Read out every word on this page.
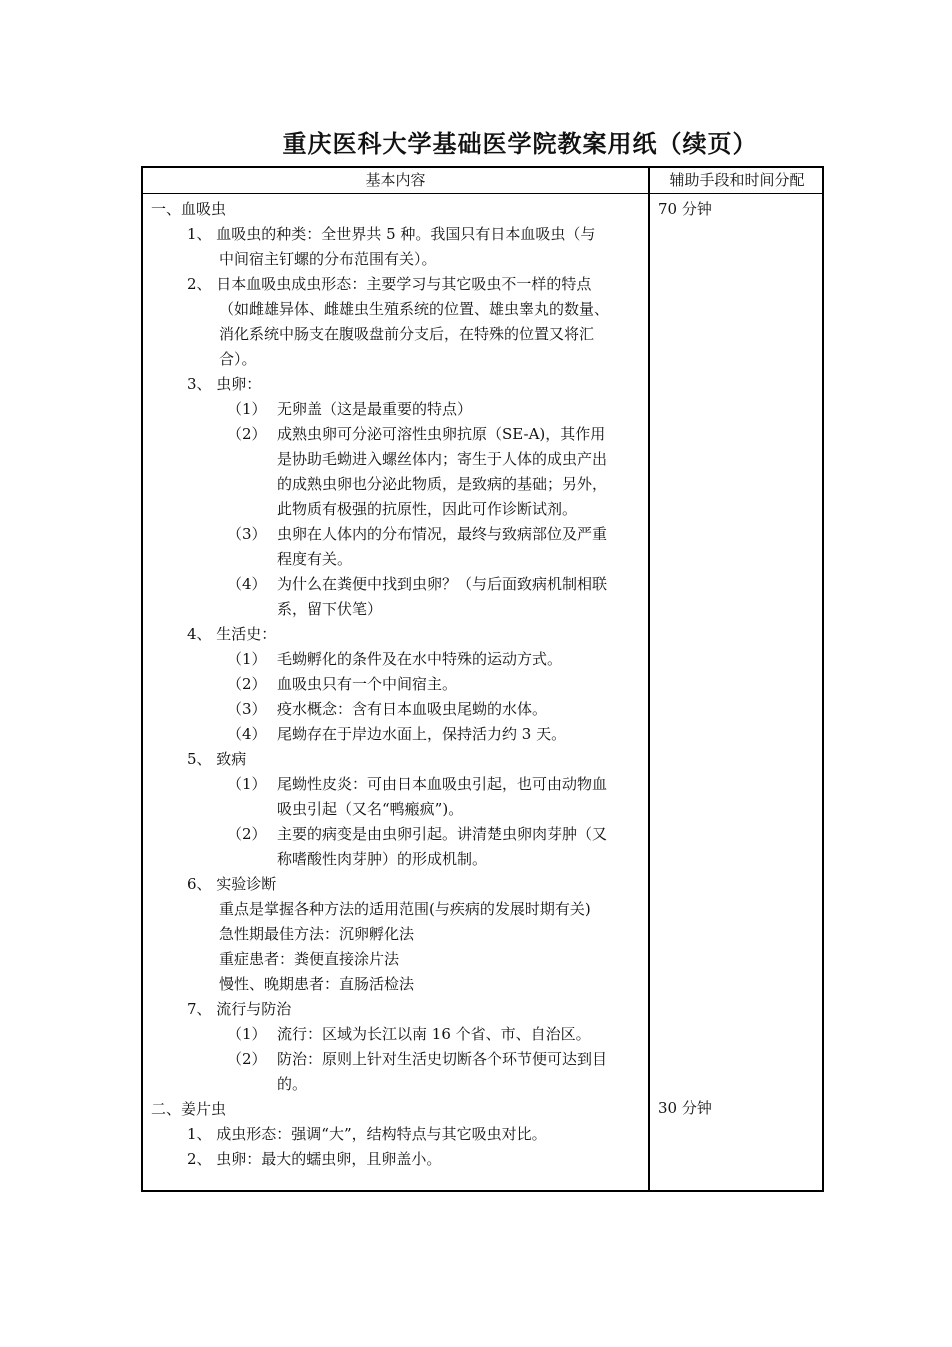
重庆医科大学基础医学院教案用纸（续页）
基本内容	辅助手段和时间分配
70 分钟
30 分钟
一、血吸虫
1、 血吸虫的种类：全世界共 5 种。我国只有日本血吸虫（与
中间宿主钉螺的分布范围有关）。
2、 日本血吸虫成虫形态：主要学习与其它吸虫不一样的特点
（如雌雄异体、雌雄虫生殖系统的位置、雄虫睾丸的数量、
消化系统中肠支在腹吸盘前分支后，在特殊的位置又将汇
合）。
3、 虫卵：
（1） 无卵盖（这是最重要的特点）
（2） 成熟虫卵可分泌可溶性虫卵抗原（SE-A)，其作用
是协助毛蚴进入螺丝体内；寄生于人体的成虫产出
的成熟虫卵也分泌此物质，是致病的基础；另外，
此物质有极强的抗原性，因此可作诊断试剂。
（3） 虫卵在人体内的分布情况，最终与致病部位及严重
程度有关。
（4） 为什么在粪便中找到虫卵？（与后面致病机制相联
系，留下伏笔）
4、 生活史：
（1） 毛蚴孵化的条件及在水中特殊的运动方式。
（2） 血吸虫只有一个中间宿主。
（3） 疫水概念：含有日本血吸虫尾蚴的水体。
（4） 尾蚴存在于岸边水面上，保持活力约 3 天。
5、 致病
（1） 尾蚴性皮炎：可由日本血吸虫引起，也可由动物血
吸虫引起（又名“鸭瘢疯”)。
（2） 主要的病变是由虫卵引起。讲清楚虫卵肉芽肿（又
称嗜酸性肉芽肿）的形成机制。
6、 实验诊断
重点是掌握各种方法的适用范围(与疾病的发展时期有关)
急性期最佳方法：沉卵孵化法
重症患者：粪便直接涂片法
慢性、晚期患者：直肠活检法
7、 流行与防治
（1） 流行：区域为长江以南 16 个省、市、自治区。
（2） 防治：原则上针对生活史切断各个环节便可达到目
的。
二、姜片虫
1、 成虫形态：强调“大”，结构特点与其它吸虫对比。
2、 虫卵：最大的蠕虫卵，且卵盖小。
